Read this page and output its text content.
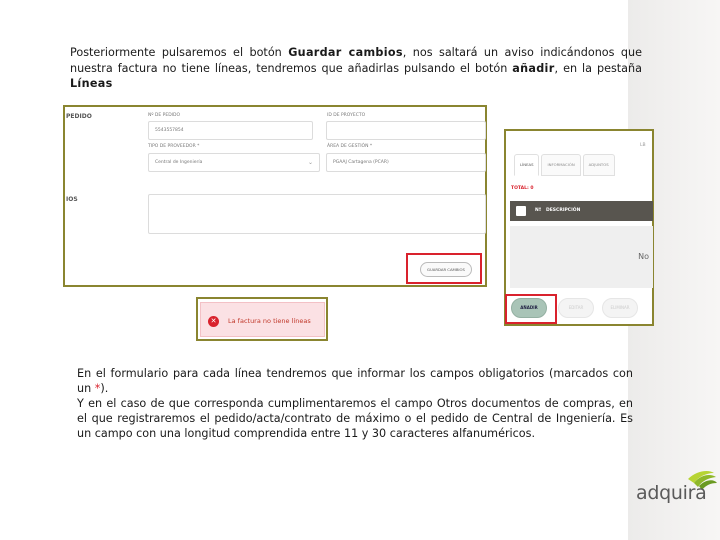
Posteriormente pulsaremos el botón Guardar cambios, nos saltará un aviso indicándonos que nuestra factura no tiene líneas, tendremos que añadirlas pulsando el botón añadir, en la pestaña Líneas

PEDIDO	Nº DE PEDIDO
5543557854
ID DE PROYECTO
TIPO DE PROVEEDOR *
Central de Ingeniería	⌄
ÁREA DE GESTIÓN *
PGAAJ Cartagena (PCAR)
IOS
GUARDAR CAMBIOS
LB
LÍNEAS	INFORMACIÓN	ADJUNTOS
TOTAL: 0
Nº DESCRIPCIÓN
No
AÑADIR	EDITAR	ELIMINAR
✕	La factura no tiene líneas

En el formulario para cada línea tendremos que informar los campos obligatorios (marcados con un *).

Y en el caso de que corresponda cumplimentaremos el campo Otros documentos de compras, en el que registraremos el pedido/acta/contrato de máximo o el pedido de Central de Ingeniería. Es un campo con una longitud comprendida entre 11 y 30 caracteres alfanuméricos.

adquira
